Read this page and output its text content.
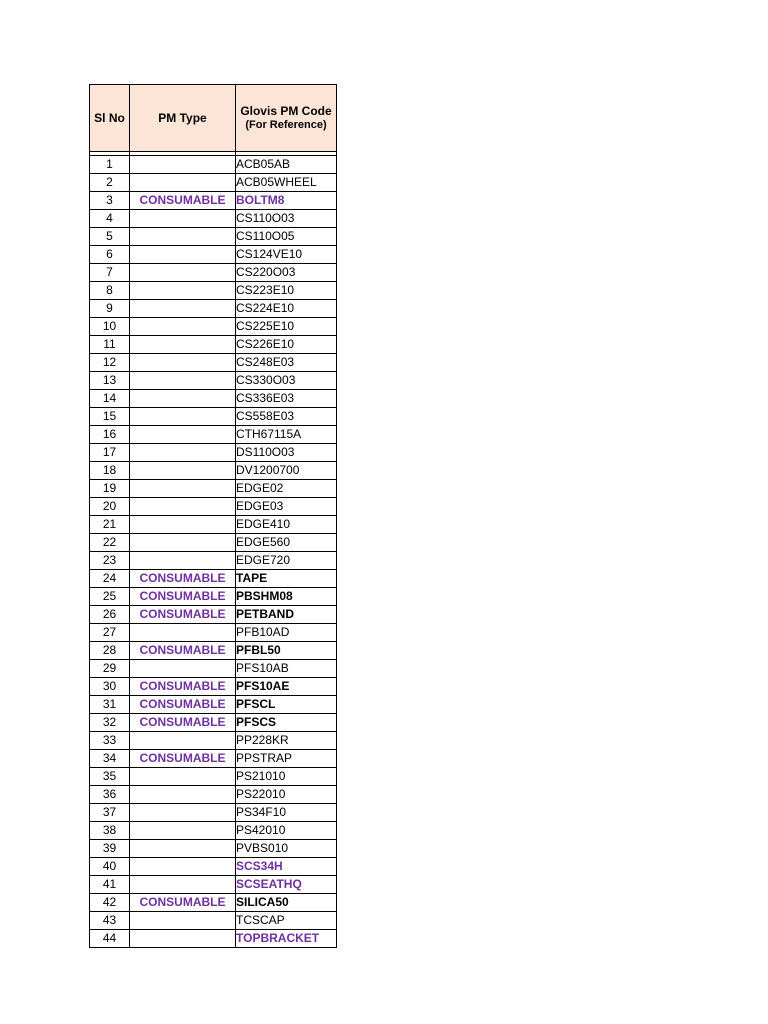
Sl No	PM Type	Glovis PM Code
(For Reference)

1		ACB05AB
2		ACB05WHEEL
3	CONSUMABLE	BOLTM8
4		CS110O03
5		CS110O05
6		CS124VE10
7		CS220O03
8		CS223E10
9		CS224E10
10		CS225E10
11		CS226E10
12		CS248E03
13		CS330O03
14		CS336E03
15		CS558E03
16		CTH67115A
17		DS110O03
18		DV1200700
19		EDGE02
20		EDGE03
21		EDGE410
22		EDGE560
23		EDGE720
24	CONSUMABLE	TAPE
25	CONSUMABLE	PBSHM08
26	CONSUMABLE	PETBAND
27		PFB10AD
28	CONSUMABLE	PFBL50
29		PFS10AB
30	CONSUMABLE	PFS10AE
31	CONSUMABLE	PFSCL
32	CONSUMABLE	PFSCS
33		PP228KR
34	CONSUMABLE	PPSTRAP
35		PS21010
36		PS22010
37		PS34F10
38		PS42010
39		PVBS010
40		SCS34H
41		SCSEATHQ
42	CONSUMABLE	SILICA50
43		TCSCAP
44		TOPBRACKET
